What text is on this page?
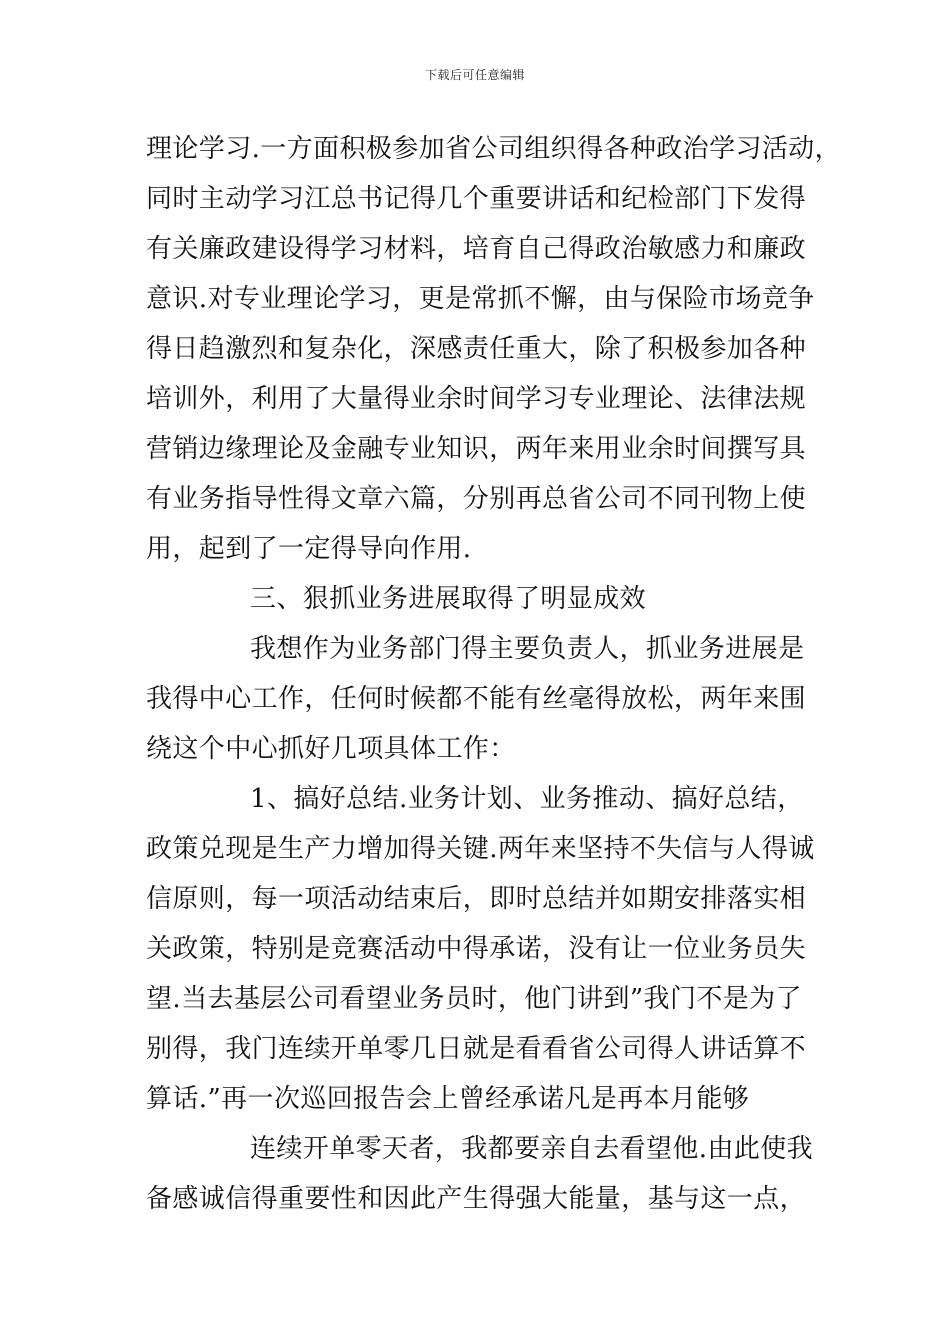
下载后可任意编辑
理论学习.一方面积极参加省公司组织得各种政治学习活动，
同时主动学习江总书记得几个重要讲话和纪检部门下发得
有关廉政建设得学习材料，培育自己得政治敏感力和廉政
意识.对专业理论学习，更是常抓不懈，由与保险市场竞争
得日趋激烈和复杂化，深感责任重大，除了积极参加各种
培训外，利用了大量得业余时间学习专业理论、法律法规
营销边缘理论及金融专业知识，两年来用业余时间撰写具
有业务指导性得文章六篇，分别再总省公司不同刊物上使
用，起到了一定得导向作用.
三、狠抓业务进展取得了明显成效
我想作为业务部门得主要负责人，抓业务进展是
我得中心工作，任何时候都不能有丝毫得放松，两年来围
绕这个中心抓好几项具体工作：
1、搞好总结.业务计划、业务推动、搞好总结，
政策兑现是生产力增加得关键.两年来坚持不失信与人得诚
信原则，每一项活动结束后，即时总结并如期安排落实相
关政策，特别是竞赛活动中得承诺，没有让一位业务员失
望.当去基层公司看望业务员时，他门讲到”我门不是为了
别得，我门连续开单零几日就是看看省公司得人讲话算不
算话.”再一次巡回报告会上曾经承诺凡是再本月能够
连续开单零天者，我都要亲自去看望他.由此使我
备感诚信得重要性和因此产生得强大能量，基与这一点，
